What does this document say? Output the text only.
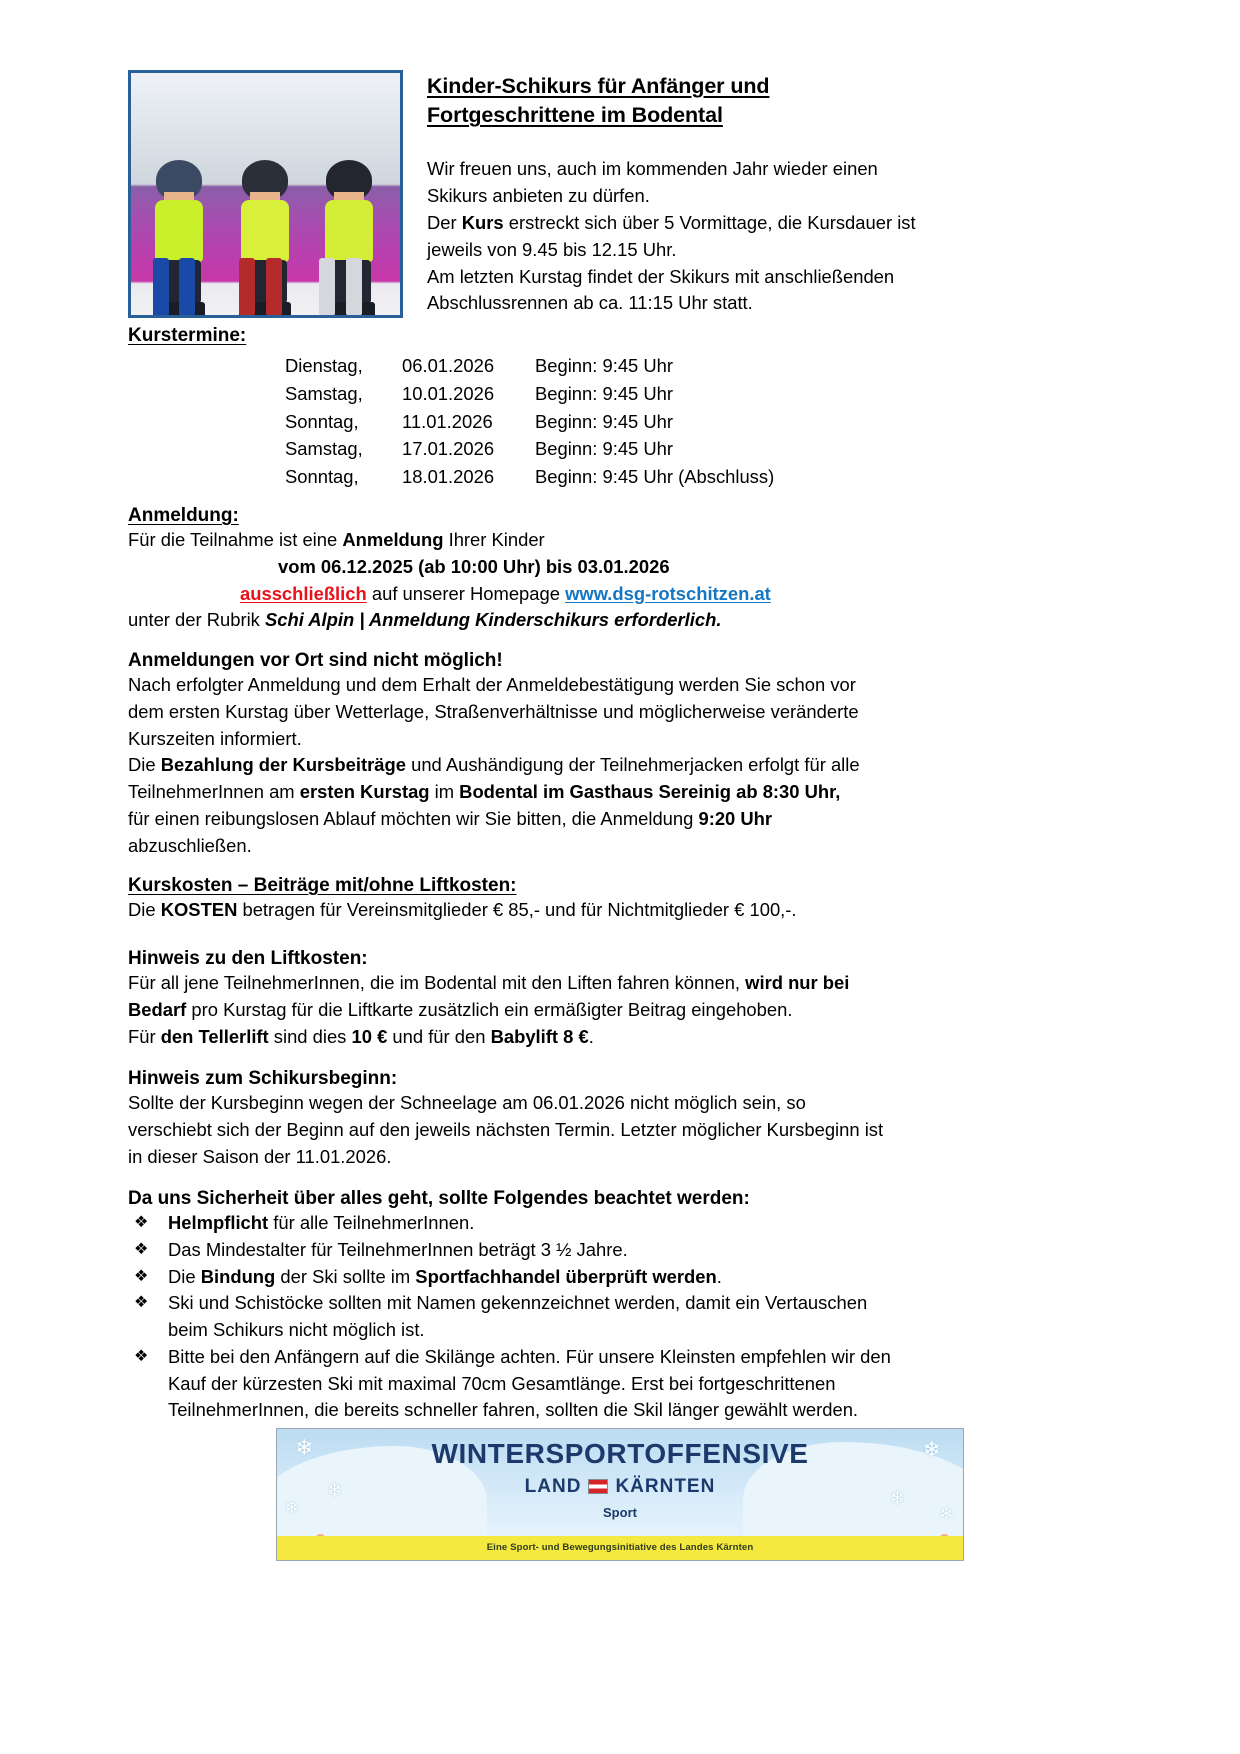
Kinder-Schikurs für Anfänger und
Fortgeschrittene im Bodental
Wir freuen uns, auch im kommenden Jahr wieder einen
Skikurs anbieten zu dürfen.
Der Kurs erstreckt sich über 5 Vormittage, die Kursdauer ist
jeweils von 9.45 bis 12.15 Uhr.
Am letzten Kurstag findet der Skikurs mit anschließenden
Abschlussrennen ab ca. 11:15 Uhr statt.
Kurstermine:
Dienstag,	06.01.2026	Beginn: 9:45 Uhr
Samstag,	10.01.2026	Beginn: 9:45 Uhr
Sonntag,	11.01.2026	Beginn: 9:45 Uhr
Samstag,	17.01.2026	Beginn: 9:45 Uhr
Sonntag,	18.01.2026	Beginn: 9:45 Uhr (Abschluss)
Anmeldung:
Für die Teilnahme ist eine Anmeldung Ihrer Kinder
vom 06.12.2025 (ab 10:00 Uhr) bis 03.01.2026
ausschließlich auf unserer Homepage www.dsg-rotschitzen.at
unter der Rubrik Schi Alpin | Anmeldung Kinderschikurs erforderlich.
Anmeldungen vor Ort sind nicht möglich!
Nach erfolgter Anmeldung und dem Erhalt der Anmeldebestätigung werden Sie schon vor
dem ersten Kurstag über Wetterlage, Straßenverhältnisse und möglicherweise veränderte
Kurszeiten informiert.
Die Bezahlung der Kursbeiträge und Aushändigung der Teilnehmerjacken erfolgt für alle
TeilnehmerInnen am ersten Kurstag im Bodental im Gasthaus Sereinig ab 8:30 Uhr,
für einen reibungslosen Ablauf möchten wir Sie bitten, die Anmeldung 9:20 Uhr
abzuschließen.
Kurskosten – Beiträge mit/ohne Liftkosten:
Die KOSTEN betragen für Vereinsmitglieder € 85,- und für Nichtmitglieder € 100,-.
Hinweis zu den Liftkosten:
Für all jene TeilnehmerInnen, die im Bodental mit den Liften fahren können, wird nur bei
Bedarf pro Kurstag für die Liftkarte zusätzlich ein ermäßigter Beitrag eingehoben.
Für den Tellerlift sind dies 10 € und für den Babylift 8 €.
Hinweis zum Schikursbeginn:
Sollte der Kursbeginn wegen der Schneelage am 06.01.2026 nicht möglich sein, so
verschiebt sich der Beginn auf den jeweils nächsten Termin. Letzter möglicher Kursbeginn ist
in dieser Saison der 11.01.2026.
Da uns Sicherheit über alles geht, sollte Folgendes beachtet werden:
❖ Helmpflicht für alle TeilnehmerInnen.
❖ Das Mindestalter für TeilnehmerInnen beträgt 3 ½ Jahre.
❖ Die Bindung der Ski sollte im Sportfachhandel überprüft werden.
❖ Ski und Schistöcke sollten mit Namen gekennzeichnet werden, damit ein Vertauschen
beim Schikurs nicht möglich ist.
❖ Bitte bei den Anfängern auf die Skilänge achten. Für unsere Kleinsten empfehlen wir den
Kauf der kürzesten Ski mit maximal 70cm Gesamtlänge. Erst bei fortgeschrittenen
TeilnehmerInnen, die bereits schneller fahren, sollten die Skil länger gewählt werden.
❄
❄
❄
❄
❄
❄
WINTERSPORTOFFENSIVE
LAND KÄRNTEN
Sport
Eine Sport- und Bewegungsinitiative des Landes Kärnten
